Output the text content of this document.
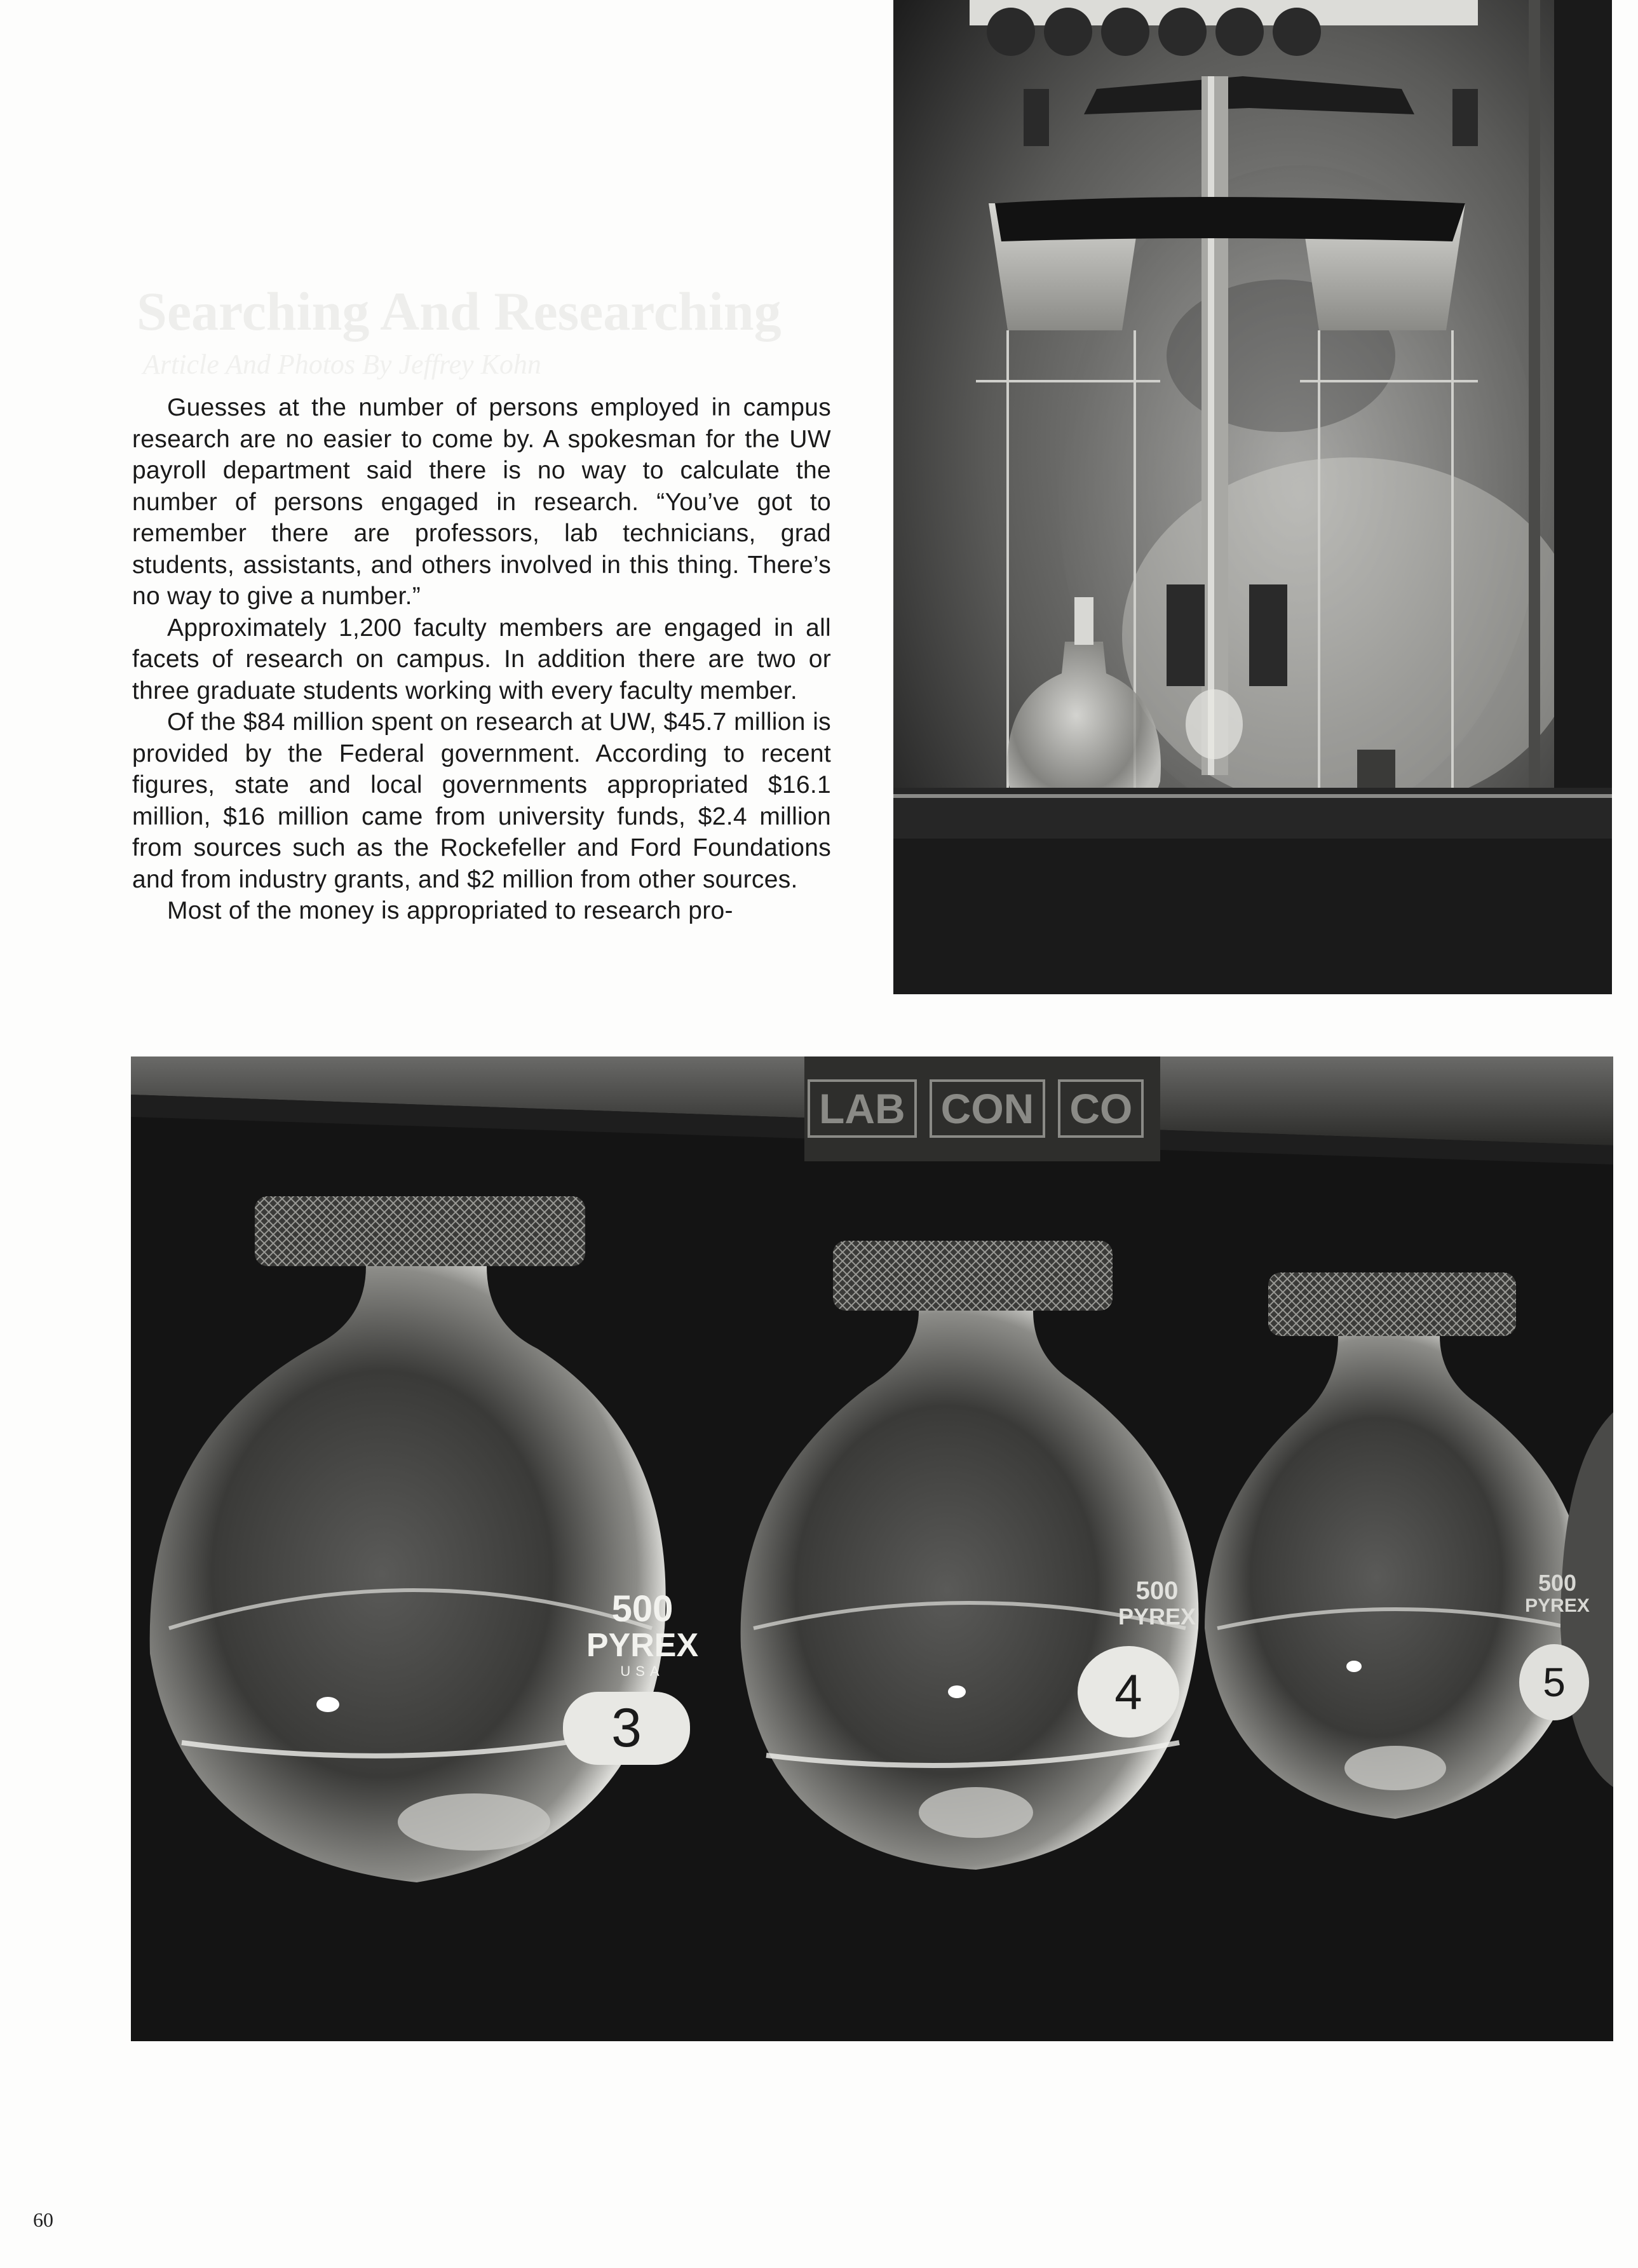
Searching And Researching
Article And Photos By Jeffrey Kohn

Guesses at the number of persons employed in campus research are no easier to come by. A spokesman for the UW payroll department said there is no way to calculate the number of persons engaged in research. “You’ve got to remember there are professors, lab technicians, grad students, assistants, and others involved in this thing. There’s no way to give a number.”

Approximately 1,200 faculty members are engaged in all facets of research on campus. In addition there are two or three graduate students working with every faculty member.

Of the $84 million spent on research at UW, $45.7 million is provided by the Federal government. According to recent figures, state and local governments appropriated $16.1 million, $16 million came from university funds, $2.4 million from sources such as the Rockefeller and Ford Foundations and from industry grants, and $2 million from other sources.

Most of the money is appropriated to research pro-

LAB CON CO
500
PYREX
USA
3
500
PYREX
4
500
PYREX
5
60
